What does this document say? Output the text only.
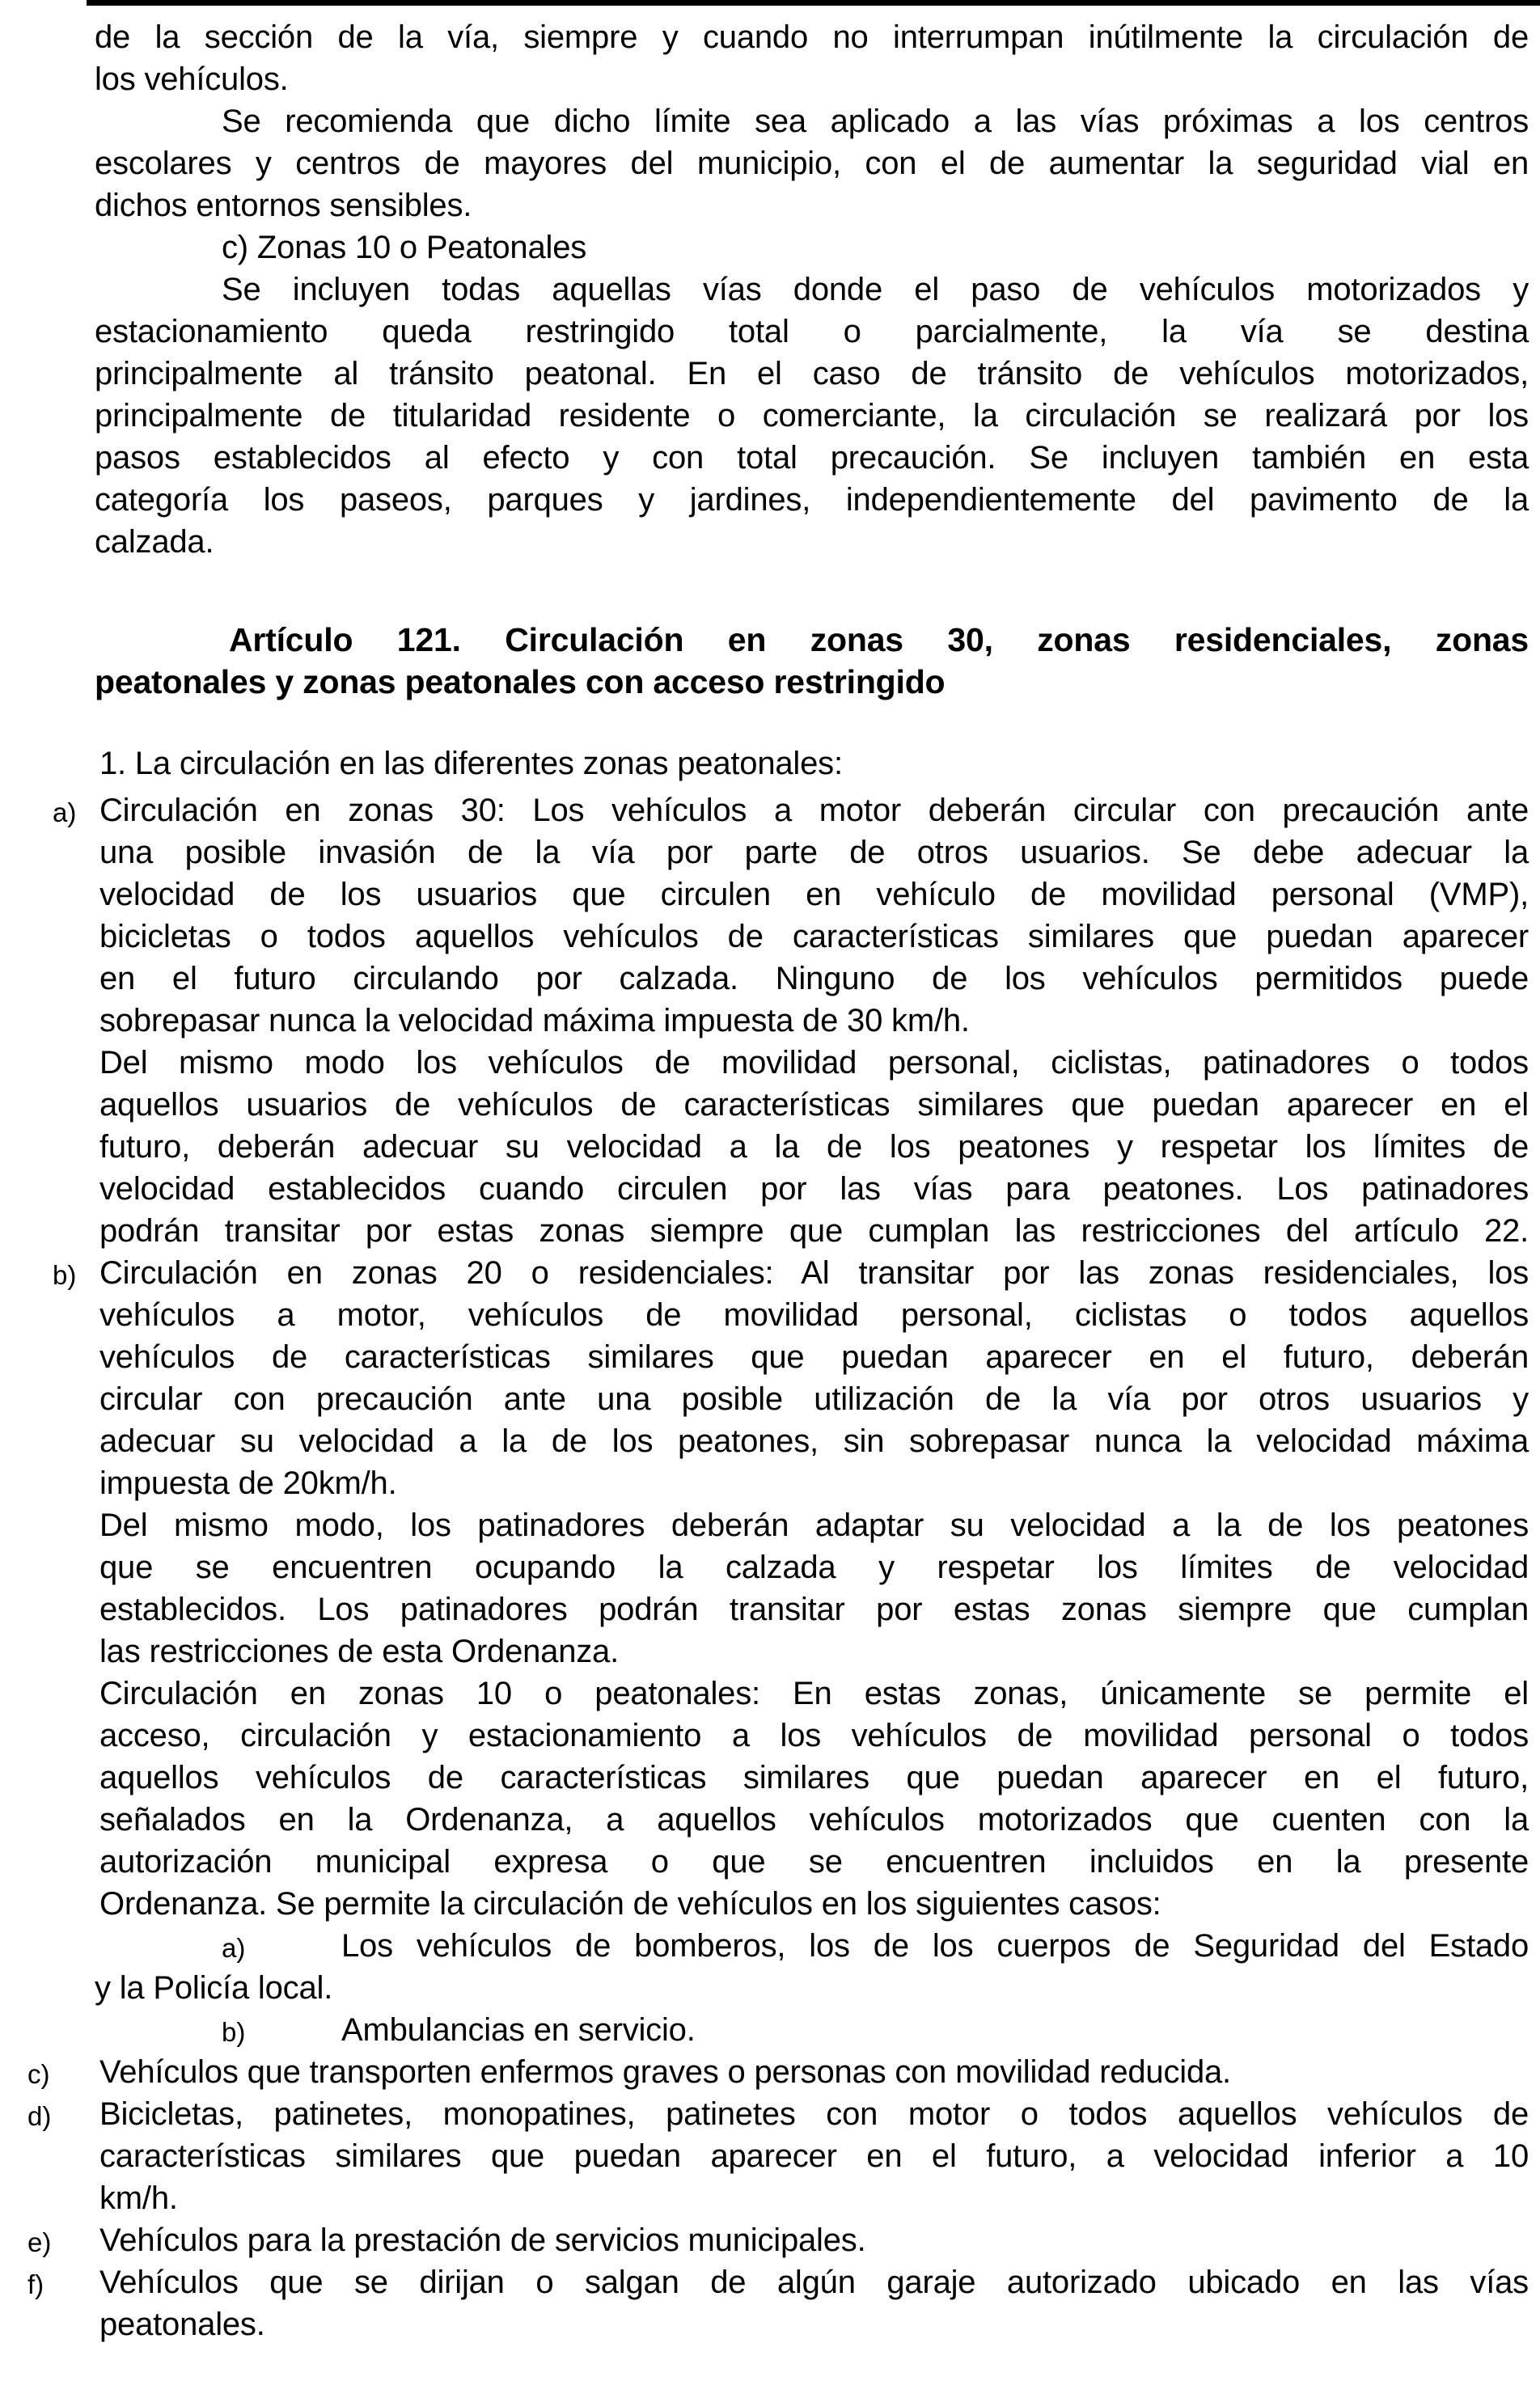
de la sección de la vía, siempre y cuando no interrumpan inútilmente la circulación de
los vehículos.
Se recomienda que dicho límite sea aplicado a las vías próximas a los centros
escolares y centros de mayores del municipio, con el de aumentar la seguridad vial en
dichos entornos sensibles.
c) Zonas 10 o Peatonales
Se incluyen todas aquellas vías donde el paso de vehículos motorizados y
estacionamiento queda restringido total o parcialmente, la vía se destina
principalmente al tránsito peatonal. En el caso de tránsito de vehículos motorizados,
principalmente de titularidad residente o comerciante, la circulación se realizará por los
pasos establecidos al efecto y con total precaución. Se incluyen también en esta
categoría los paseos, parques y jardines, independientemente del pavimento de la
calzada.
Artículo 121. Circulación en zonas 30, zonas residenciales, zonas
peatonales y zonas peatonales con acceso restringido
1. La circulación en las diferentes zonas peatonales:
a) Circulación en zonas 30: Los vehículos a motor deberán circular con precaución ante
una posible invasión de la vía por parte de otros usuarios. Se debe adecuar la
velocidad de los usuarios que circulen en vehículo de movilidad personal (VMP),
bicicletas o todos aquellos vehículos de características similares que puedan aparecer
en el futuro circulando por calzada. Ninguno de los vehículos permitidos puede
sobrepasar nunca la velocidad máxima impuesta de 30 km/h.
Del mismo modo los vehículos de movilidad personal, ciclistas, patinadores o todos
aquellos usuarios de vehículos de características similares que puedan aparecer en el
futuro, deberán adecuar su velocidad a la de los peatones y respetar los límites de
velocidad establecidos cuando circulen por las vías para peatones. Los patinadores
podrán transitar por estas zonas siempre que cumplan las restricciones del artículo 22.
b) Circulación en zonas 20 o residenciales: Al transitar por las zonas residenciales, los
vehículos a motor, vehículos de movilidad personal, ciclistas o todos aquellos
vehículos de características similares que puedan aparecer en el futuro, deberán
circular con precaución ante una posible utilización de la vía por otros usuarios y
adecuar su velocidad a la de los peatones, sin sobrepasar nunca la velocidad máxima
impuesta de 20km/h.
Del mismo modo, los patinadores deberán adaptar su velocidad a la de los peatones
que se encuentren ocupando la calzada y respetar los límites de velocidad
establecidos. Los patinadores podrán transitar por estas zonas siempre que cumplan
las restricciones de esta Ordenanza.
Circulación en zonas 10 o peatonales: En estas zonas, únicamente se permite el
acceso, circulación y estacionamiento a los vehículos de movilidad personal o todos
aquellos vehículos de características similares que puedan aparecer en el futuro,
señalados en la Ordenanza, a aquellos vehículos motorizados que cuenten con la
autorización municipal expresa o que se encuentren incluidos en la presente
Ordenanza. Se permite la circulación de vehículos en los siguientes casos:
a)	Los vehículos de bomberos, los de los cuerpos de Seguridad del Estado
y la Policía local.
b)	Ambulancias en servicio.
c) Vehículos que transporten enfermos graves o personas con movilidad reducida.
d) Bicicletas, patinetes, monopatines, patinetes con motor o todos aquellos vehículos de
características similares que puedan aparecer en el futuro, a velocidad inferior a 10
km/h.
e) Vehículos para la prestación de servicios municipales.
f) Vehículos que se dirijan o salgan de algún garaje autorizado ubicado en las vías
peatonales.
